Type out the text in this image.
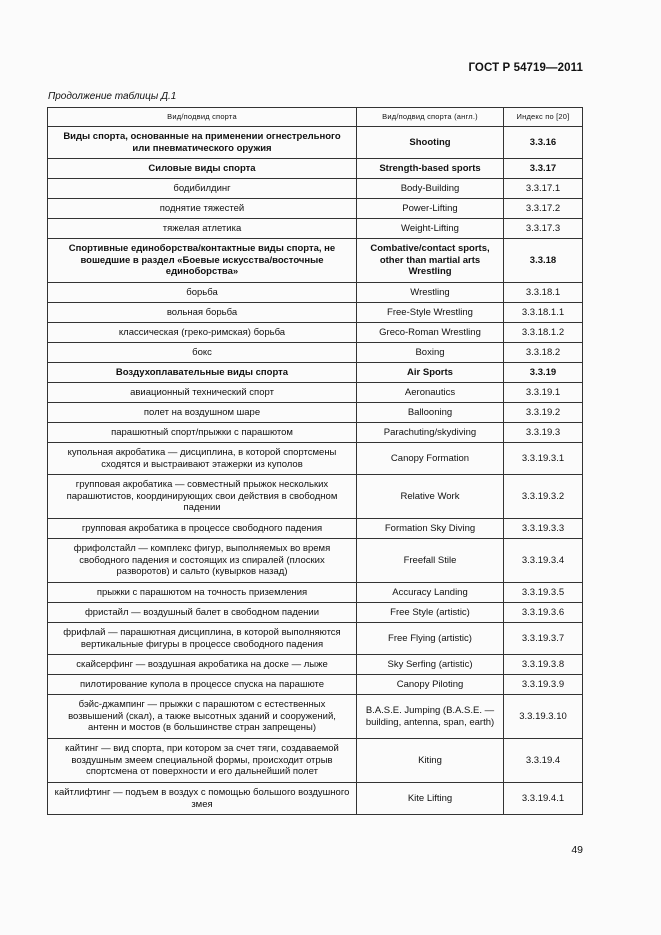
ГОСТ Р 54719—2011
Продолжение таблицы Д.1
Вид/подвид спорта	Вид/подвид спорта (англ.)	Индекс по [20]
Виды спорта, основанные на применении огнестрельного или пневматического оружия	Shooting	3.3.16
Силовые виды спорта	Strength-based sports	3.3.17
бодибилдинг	Body-Building	3.3.17.1
поднятие тяжестей	Power-Lifting	3.3.17.2
тяжелая атлетика	Weight-Lifting	3.3.17.3
Спортивные единоборства/контактные виды спорта, не вошедшие в раздел «Боевые искусства/восточные единоборства»	Combative/contact sports, other than martial arts Wrestling	3.3.18
борьба	Wrestling	3.3.18.1
вольная борьба	Free-Style Wrestling	3.3.18.1.1
классическая (греко-римская) борьба	Greco-Roman Wrestling	3.3.18.1.2
бокс	Boxing	3.3.18.2
Воздухоплавательные виды спорта	Air Sports	3.3.19
авиационный технический спорт	Aeronautics	3.3.19.1
полет на воздушном шаре	Ballooning	3.3.19.2
парашютный спорт/прыжки с парашютом	Parachuting/skydiving	3.3.19.3
купольная акробатика — дисциплина, в которой спортсмены сходятся и выстраивают этажерки из куполов	Canopy Formation	3.3.19.3.1
групповая акробатика — совместный прыжок нескольких парашютистов, координирующих свои действия в свободном падении	Relative Work	3.3.19.3.2
групповая акробатика в процессе свободного падения	Formation Sky Diving	3.3.19.3.3
фрифолстайл — комплекс фигур, выполняемых во время свободного падения и состоящих из спиралей (плоских разворотов) и сальто (кувырков назад)	Freefall Stile	3.3.19.3.4
прыжки с парашютом на точность приземления	Accuracy Landing	3.3.19.3.5
фристайл — воздушный балет в свободном падении	Free Style (artistic)	3.3.19.3.6
фрифлай — парашютная дисциплина, в которой выполняются вертикальные фигуры в процессе свободного падения	Free Flying (artistic)	3.3.19.3.7
скайсерфинг — воздушная акробатика на доске — лыже	Sky Serfing (artistic)	3.3.19.3.8
пилотирование купола в процессе спуска на парашюте	Canopy Piloting	3.3.19.3.9
бэйс-джампинг — прыжки с парашютом с естественных возвышений (скал), а также высотных зданий и сооружений, антенн и мостов (в большинстве стран запрещены)	B.A.S.E. Jumping (B.A.S.E. — building, antenna, span, earth)	3.3.19.3.10
кайтинг — вид спорта, при котором за счет тяги, создаваемой воздушным змеем специальной формы, происходит отрыв спортсмена от поверхности и его дальнейший полет	Kiting	3.3.19.4
кайтлифтинг — подъем в воздух с помощью большого воздушного змея	Kite Lifting	3.3.19.4.1
49
